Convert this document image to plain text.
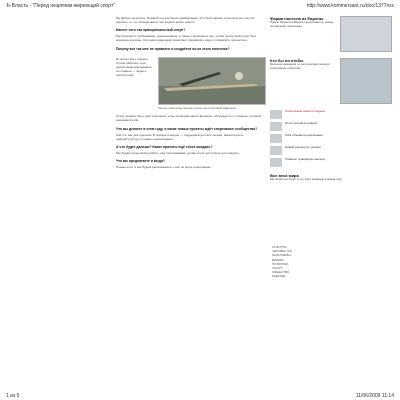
Ъ-Власть - "Перед незрячим жиреющий спорт"	http://www.kommersant.ru/doc/1377xxx

На работе на спуске. Первый год для было динамичным. Это было время, в которое мы смогли сделать то, что планировали; мы видели много нового.

Насчет чего так принципиальный спорт?

Мы боремся с проблемами, уменьшением, а также с возможностью, чтобы целостный спорт был вовлечен в жизнь. Система поддержки позволяет продвигать идеи и управлять процессом.

Почему вот так мне не нравится и создаётся ли из этого полезное?
Я честно могу сказать: лучше работать и не делать выводов заранее, но главное — видеть перспективу.
Регата «Чемпионы Черного моря» на спортивной акватории

Спорт должен быть доступен всем, и мы проводим много времени, обсуждая это с людьми, которые занимаются им.

Что вы делаете в этом году, и какие новые проекты ждёт спортивное сообщество?

Кое-что мы уже сделали. В первую очередь — поддержка детских секций, инвестиции в инфраструктуру и новые соревнования.

А что будет дальше? Какие проекты ещё стоит ожидать?

Мы будем продолжать работу над программами, делая спорт доступнее для каждого.

Что вы предлагаете и когда?

Планы есть, и мы будем рассказывать о них по мере реализации.

Фарма понесла из Европы
Прием бизнеса в Европе продолжается, новые соглашения подписаны.
Кто бы ни отобы
Большие ожидания по результатам сезона и спортивным событиям.
Спортивные новости недели
Итоги сезона в цифрах
Лига объявила расписание
Новый рекорд на турнире
Главные трансферы месяца
Все веса мира
Как меняется спорт и что ждет команды в новом году.
КУЛЬТУРА
ЧЕЛОВЕК (16)
ЭКОНОМИКА
БИЗНЕС
ПОЛИТИКА
СПОРТ
ОБЩЕСТВО
МНЕНИЯ
1 из 5	11/06/2009 11:14
